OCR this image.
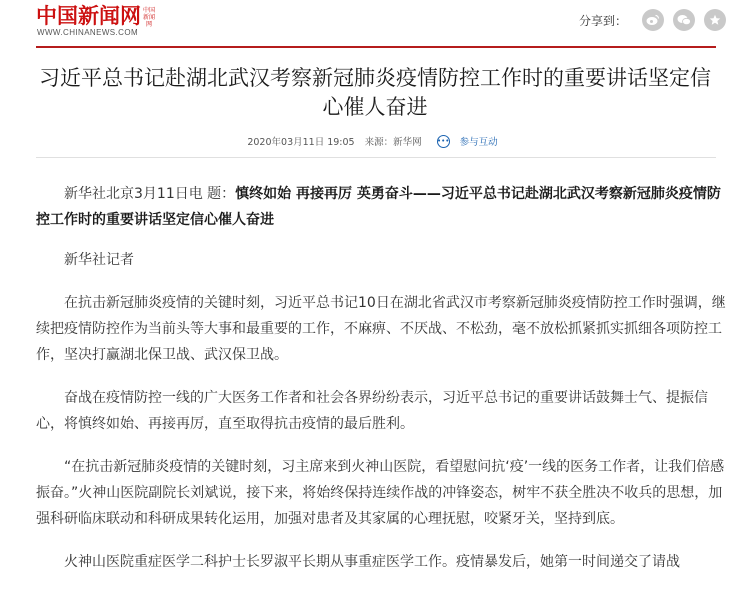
中国新闻网 中国新闻网
WWW.CHINANEWS.COM
分享到：
习近平总书记赴湖北武汉考察新冠肺炎疫情防控工作时的重要讲话坚定信心催人奋进
2020年03月11日 19:05 来源：新华网 ••• 参与互动

新华社北京3月11日电 题：慎终如始 再接再厉 英勇奋斗——习近平总书记赴湖北武汉考察新冠肺炎疫情防控工作时的重要讲话坚定信心催人奋进

新华社记者

在抗击新冠肺炎疫情的关键时刻，习近平总书记10日在湖北省武汉市考察新冠肺炎疫情防控工作时强调，继续把疫情防控作为当前头等大事和最重要的工作，不麻痹、不厌战、不松劲，毫不放松抓紧抓实抓细各项防控工作，坚决打赢湖北保卫战、武汉保卫战。

奋战在疫情防控一线的广大医务工作者和社会各界纷纷表示，习近平总书记的重要讲话鼓舞士气、提振信心，将慎终如始、再接再厉，直至取得抗击疫情的最后胜利。

“在抗击新冠肺炎疫情的关键时刻，习主席来到火神山医院，看望慰问抗‘疫’一线的医务工作者，让我们倍感振奋。”火神山医院副院长刘斌说，接下来，将始终保持连续作战的冲锋姿态，树牢不获全胜决不收兵的思想，加强科研临床联动和科研成果转化运用，加强对患者及其家属的心理抚慰，咬紧牙关，坚持到底。

火神山医院重症医学二科护士长罗淑平长期从事重症医学工作。疫情暴发后，她第一时间递交了请战
